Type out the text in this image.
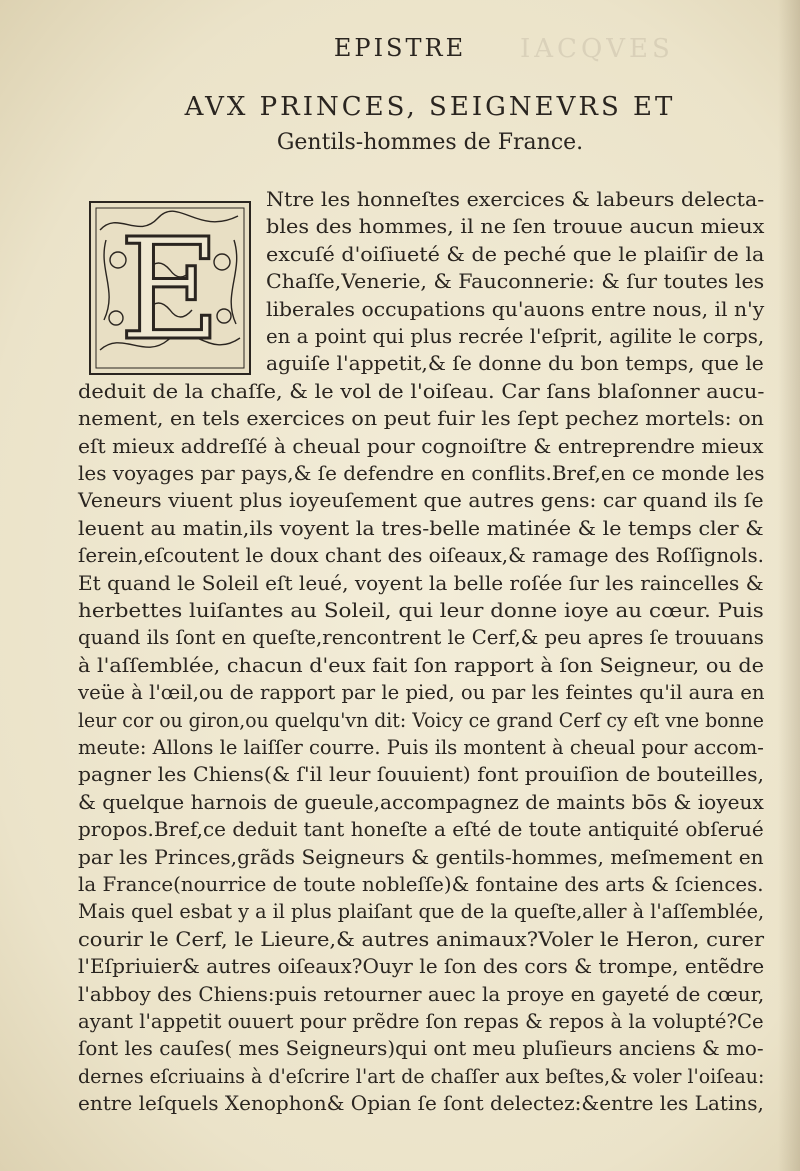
IACQVES
EPISTRE
AVX PRINCES, SEIGNEVRS ET
Gentils-hommes de France.
E
Ntre les honneſtes exercices & labeurs delecta-
bles des hommes, il ne ſen trouue aucun mieux
excuſé d'oiſiueté & de peché que le plaiſir de la
Chaſſe,Venerie, & Fauconnerie: & ſur toutes les
liberales occupations qu'auons entre nous, il n'y
en a point qui plus recrée l'eſprit, agilite le corps,
aguiſe l'appetit,& ſe donne du bon temps, que le
deduit de la chaſſe, & le vol de l'oiſeau. Car ſans blaſonner aucu-
nement, en tels exercices on peut fuir les ſept pechez mortels: on
eſt mieux addreſſé à cheual pour cognoiſtre & entreprendre mieux
les voyages par pays,& ſe defendre en conflits.Bref,en ce monde les
Veneurs viuent plus ioyeuſement que autres gens: car quand ils ſe
leuent au matin,ils voyent la tres-belle matinée & le temps cler &
ſerein,eſcoutent le doux chant des oiſeaux,& ramage des Roſſignols.
Et quand le Soleil eſt leué, voyent la belle roſée ſur les raincelles &
herbettes luiſantes au Soleil, qui leur donne ioye au cœur. Puis
quand ils ſont en queſte,rencontrent le Cerf,& peu apres ſe trouuans
à l'aſſemblée, chacun d'eux fait ſon rapport à ſon Seigneur, ou de
veüe à l'œil,ou de rapport par le pied, ou par les feintes qu'il aura en
leur cor ou giron,ou quelqu'vn dit: Voicy ce grand Cerf cy eſt vne bonne
meute: Allons le laiſſer courre. Puis ils montent à cheual pour accom-
pagner les Chiens(& ſ'il leur ſouuient) font prouiſion de bouteilles,
& quelque harnois de gueule,accompagnez de maints bōs & ioyeux
propos.Bref,ce deduit tant honeſte a eſté de toute antiquité obſerué
par les Princes,grãds Seigneurs & gentils-hommes, meſmement en
la France(nourrice de toute nobleſſe)& fontaine des arts & ſciences.
Mais quel esbat y a il plus plaiſant que de la queſte,aller à l'aſſemblée,
courir le Cerf, le Lieure,& autres animaux?Voler le Heron, curer
l'Eſpriuier& autres oiſeaux?Ouyr le ſon des cors & trompe, entẽdre
l'abboy des Chiens:puis retourner auec la proye en gayeté de cœur,
ayant l'appetit ouuert pour prẽdre ſon repas & repos à la volupté?Ce
ſont les cauſes( mes Seigneurs)qui ont meu pluſieurs anciens & mo-
dernes eſcriuains à d'eſcrire l'art de chaſſer aux beſtes,& voler l'oiſeau:
entre leſquels Xenophon& Opian ſe ſont delectez:&entre les Latins,
